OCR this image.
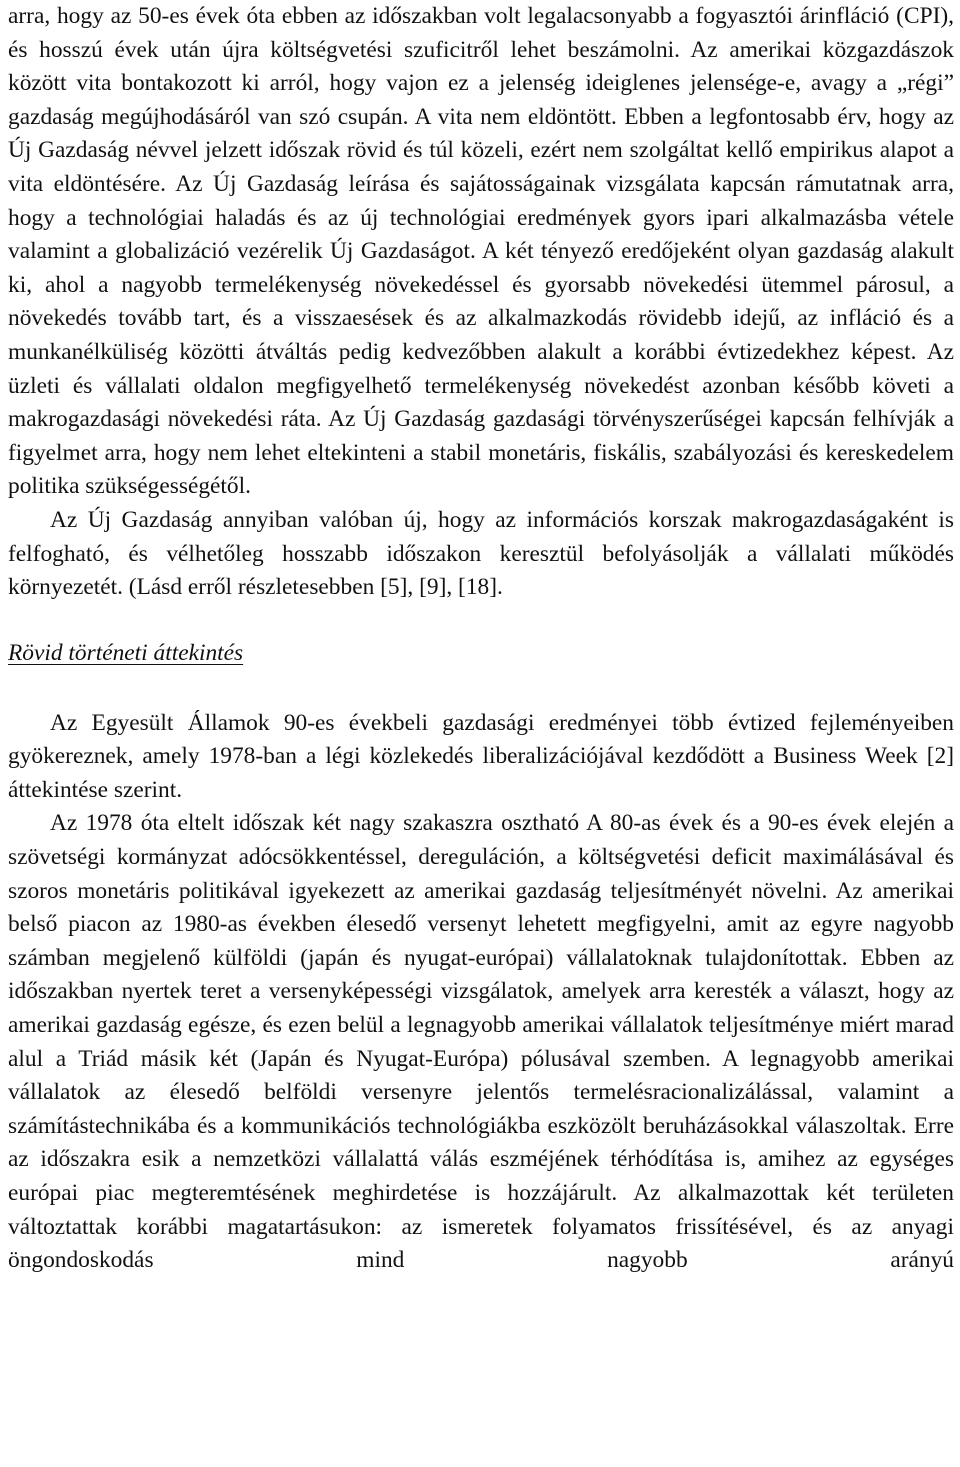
arra, hogy az 50-es évek óta ebben az időszakban volt legalacsonyabb a fogyasztói árinfláció (CPI), és hosszú évek után újra költségvetési szuficitről lehet beszámolni. Az amerikai közgazdászok között vita bontakozott ki arról, hogy vajon ez a jelenség ideiglenes jelensége-e, avagy a „régi” gazdaság megújhodásáról van szó csupán. A vita nem eldöntött. Ebben a legfontosabb érv, hogy az Új Gazdaság névvel jelzett időszak rövid és túl közeli, ezért nem szolgáltat kellő empirikus alapot a vita eldöntésére. Az Új Gazdaság leírása és sajátosságainak vizsgálata kapcsán rámutatnak arra, hogy a technológiai haladás és az új technológiai eredmények gyors ipari alkalmazásba vétele valamint a globalizáció vezérelik Új Gazdaságot. A két tényező eredőjeként olyan gazdaság alakult ki, ahol a nagyobb termelékenység növekedéssel és gyorsabb növekedési ütemmel párosul, a növekedés tovább tart, és a visszaesések és az alkalmazkodás rövidebb idejű, az infláció és a munkanélküliség közötti átváltás pedig kedvezőbben alakult a korábbi évtizedekhez képest. Az üzleti és vállalati oldalon megfigyelhető termelékenység növekedést azonban később követi a makrogazdasági növekedési ráta. Az Új Gazdaság gazdasági törvényszerűségei kapcsán felhívják a figyelmet arra, hogy nem lehet eltekinteni a stabil monetáris, fiskális, szabályozási és kereskedelem politika szükségességétől.

Az Új Gazdaság annyiban valóban új, hogy az információs korszak makrogazdaságaként is felfogható, és vélhetőleg hosszabb időszakon keresztül befolyásolják a vállalati működés környezetét. (Lásd erről részletesebben [5], [9], [18].

Rövid történeti áttekintés

Az Egyesült Államok 90-es évekbeli gazdasági eredményei több évtized fejleményeiben gyökereznek, amely 1978-ban a légi közlekedés liberalizációjával kezdődött a Business Week [2] áttekintése szerint.

Az 1978 óta eltelt időszak két nagy szakaszra osztható A 80-as évek és a 90-es évek elején a szövetségi kormányzat adócsökkentéssel, dereguláción, a költségvetési deficit maximálásával és szoros monetáris politikával igyekezett az amerikai gazdaság teljesítményét növelni. Az amerikai belső piacon az 1980-as években élesedő versenyt lehetett megfigyelni, amit az egyre nagyobb számban megjelenő külföldi (japán és nyugat-európai) vállalatoknak tulajdonítottak. Ebben az időszakban nyertek teret a versenyképességi vizsgálatok, amelyek arra keresték a választ, hogy az amerikai gazdaság egésze, és ezen belül a legnagyobb amerikai vállalatok teljesítménye miért marad alul a Triád másik két (Japán és Nyugat-Európa) pólusával szemben. A legnagyobb amerikai vállalatok az élesedő belföldi versenyre jelentős termelésracionalizálással, valamint a számítástechnikába és a kommunikációs technológiákba eszközölt beruházásokkal válaszoltak. Erre az időszakra esik a nemzetközi vállalattá válás eszméjének térhódítása is, amihez az egységes európai piac megteremtésének meghirdetése is hozzájárult. Az alkalmazottak két területen változtattak korábbi magatartásukon: az ismeretek folyamatos frissítésével, és az anyagi öngondoskodás mind nagyobb arányú
